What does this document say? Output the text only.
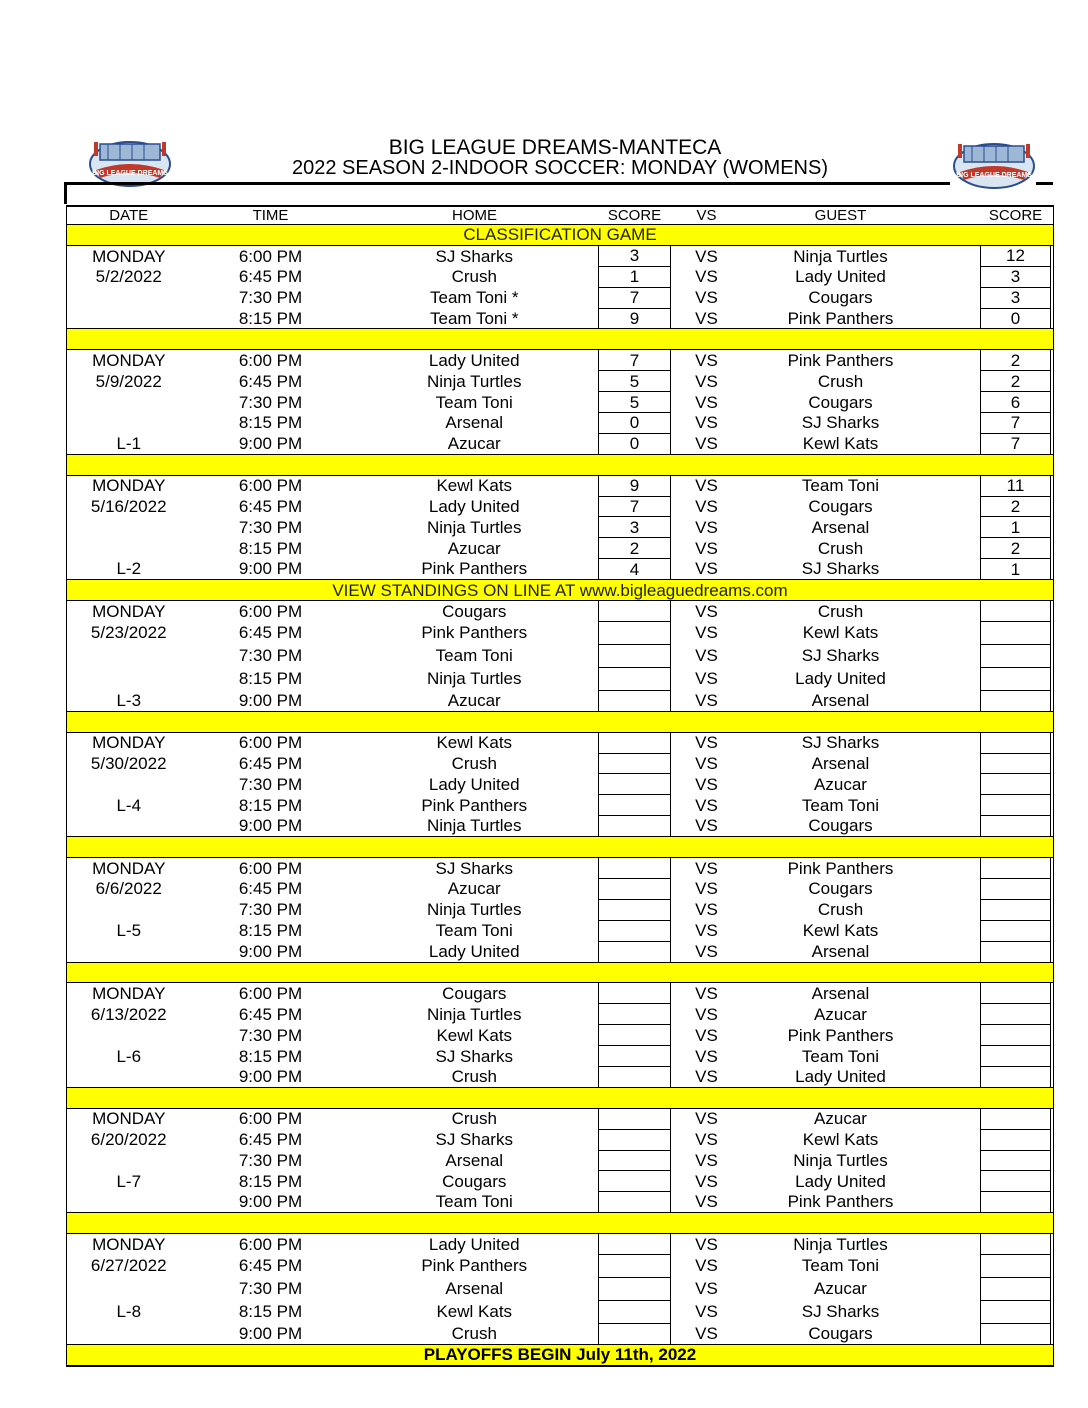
BIG LEAGUE DREAMS	BIG LEAGUE DREAMS
BIG LEAGUE DREAMS-MANTECA
2022 SEASON 2-INDOOR SOCCER: MONDAY (WOMENS)
DATE	TIME	HOME	SCORE		VS	GUEST		SCORE	
CLASSIFICATION GAME									
MONDAY	6:00 PM	SJ Sharks	3		VS	Ninja Turtles		12	
5/2/2022	6:45 PM	Crush	1		VS	Lady United		3	
	7:30 PM	Team Toni *	7		VS	Cougars		3	
	8:15 PM	Team Toni *	9		VS	Pink Panthers		0	

MONDAY	6:00 PM	Lady United	7		VS	Pink Panthers		2	
5/9/2022	6:45 PM	Ninja Turtles	5		VS	Crush		2	
	7:30 PM	Team Toni	5		VS	Cougars		6	
	8:15 PM	Arsenal	0		VS	SJ Sharks		7	
L-1	9:00 PM	Azucar	0		VS	Kewl Kats		7	

MONDAY	6:00 PM	Kewl Kats	9		VS	Team Toni		11	
5/16/2022	6:45 PM	Lady United	7		VS	Cougars		2	
	7:30 PM	Ninja Turtles	3		VS	Arsenal		1	
	8:15 PM	Azucar	2		VS	Crush		2	
L-2	9:00 PM	Pink Panthers	4		VS	SJ Sharks		1	
VIEW STANDINGS ON LINE AT www.bigleaguedreams.com									
MONDAY	6:00 PM	Cougars			VS	Crush			
5/23/2022	6:45 PM	Pink Panthers			VS	Kewl Kats			
	7:30 PM	Team Toni			VS	SJ Sharks			
	8:15 PM	Ninja Turtles			VS	Lady United			
L-3	9:00 PM	Azucar			VS	Arsenal			

MONDAY	6:00 PM	Kewl Kats			VS	SJ Sharks			
5/30/2022	6:45 PM	Crush			VS	Arsenal			
	7:30 PM	Lady United			VS	Azucar			
L-4	8:15 PM	Pink Panthers			VS	Team Toni			
	9:00 PM	Ninja Turtles			VS	Cougars			

MONDAY	6:00 PM	SJ Sharks			VS	Pink Panthers			
6/6/2022	6:45 PM	Azucar			VS	Cougars			
	7:30 PM	Ninja Turtles			VS	Crush			
L-5	8:15 PM	Team Toni			VS	Kewl Kats			
	9:00 PM	Lady United			VS	Arsenal			

MONDAY	6:00 PM	Cougars			VS	Arsenal			
6/13/2022	6:45 PM	Ninja Turtles			VS	Azucar			
	7:30 PM	Kewl Kats			VS	Pink Panthers			
L-6	8:15 PM	SJ Sharks			VS	Team Toni			
	9:00 PM	Crush			VS	Lady United			

MONDAY	6:00 PM	Crush			VS	Azucar			
6/20/2022	6:45 PM	SJ Sharks			VS	Kewl Kats			
	7:30 PM	Arsenal			VS	Ninja Turtles			
L-7	8:15 PM	Cougars			VS	Lady United			
	9:00 PM	Team Toni			VS	Pink Panthers			

MONDAY	6:00 PM	Lady United			VS	Ninja Turtles			
6/27/2022	6:45 PM	Pink Panthers			VS	Team Toni			
	7:30 PM	Arsenal			VS	Azucar			
L-8	8:15 PM	Kewl Kats			VS	SJ Sharks			
	9:00 PM	Crush			VS	Cougars			
PLAYOFFS BEGIN July 11th, 2022									
